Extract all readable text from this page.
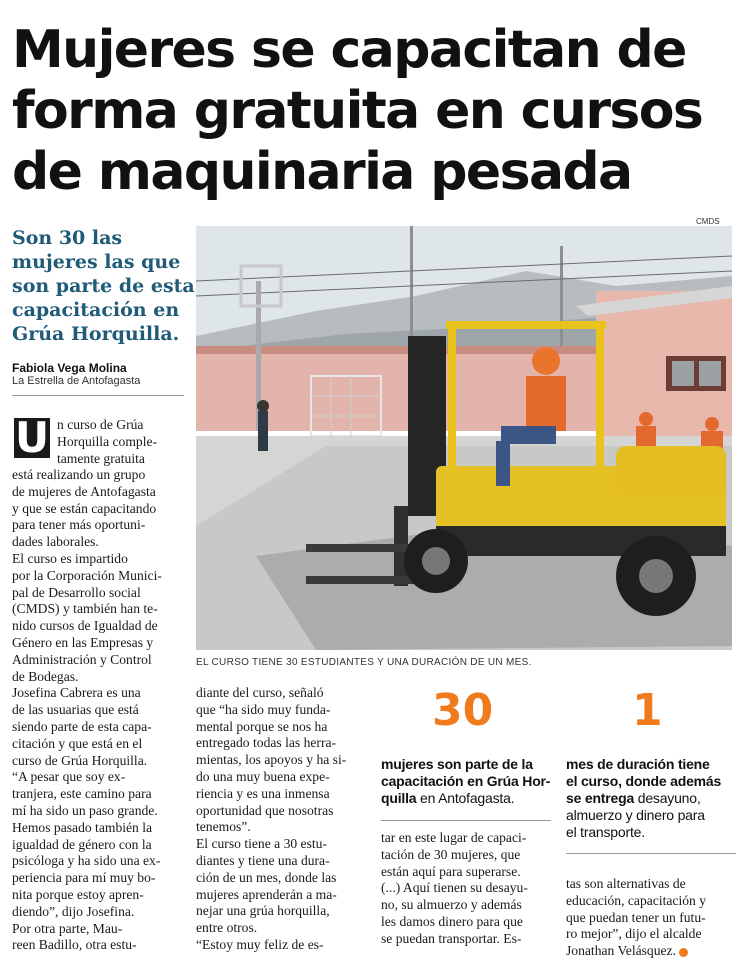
Mujeres se capacitan de
forma gratuita en cursos
de maquinaria pesada
CMDS
Son 30 las
mujeres las que
son parte de esta
capacitación en
Grúa Horquilla.
Fabiola Vega Molina
La Estrella de Antofagasta
EL CURSO TIENE 30 ESTUDIANTES Y UNA DURACIÓN DE UN MES.
U n curso de Grúa
Horquilla comple-
tamente gratuita
está realizando un grupo
de mujeres de Antofagasta
y que se están capacitando
para tener más oportuni-
dades laborales.
El curso es impartido
por la Corporación Munici-
pal de Desarrollo social
(CMDS) y también han te-
nido cursos de Igualdad de
Género en las Empresas y
Administración y Control
de Bodegas.
Josefina Cabrera es una
de las usuarias que está
siendo parte de esta capa-
citación y que está en el
curso de Grúa Horquilla.
“A pesar que soy ex-
tranjera, este camino para
mí ha sido un paso grande.
Hemos pasado también la
igualdad de género con la
psicóloga y ha sido una ex-
periencia para mí muy bo-
nita porque estoy apren-
diendo”, dijo Josefina.
Por otra parte, Mau-
reen Badillo, otra estu-
diante del curso, señaló
que “ha sido muy funda-
mental porque se nos ha
entregado todas las herra-
mientas, los apoyos y ha si-
do una muy buena expe-
riencia y es una inmensa
oportunidad que nosotras
tenemos”.
El curso tiene a 30 estu-
diantes y tiene una dura-
ción de un mes, donde las
mujeres aprenderán a ma-
nejar una grúa horquilla,
entre otros.
“Estoy muy feliz de es-
30
mujeres son parte de la
capacitación en Grúa Hor-
quilla en Antofagasta.
tar en este lugar de capaci-
tación de 30 mujeres, que
están aquí para superarse.
(...) Aquí tienen su desayu-
no, su almuerzo y además
les damos dinero para que
se puedan transportar. Es-
1
mes de duración tiene
el curso, donde además
se entrega desayuno,
almuerzo y dinero para
el transporte.
tas son alternativas de
educación, capacitación y
que puedan tener un futu-
ro mejor”, dijo el alcalde
Jonathan Velásquez.
